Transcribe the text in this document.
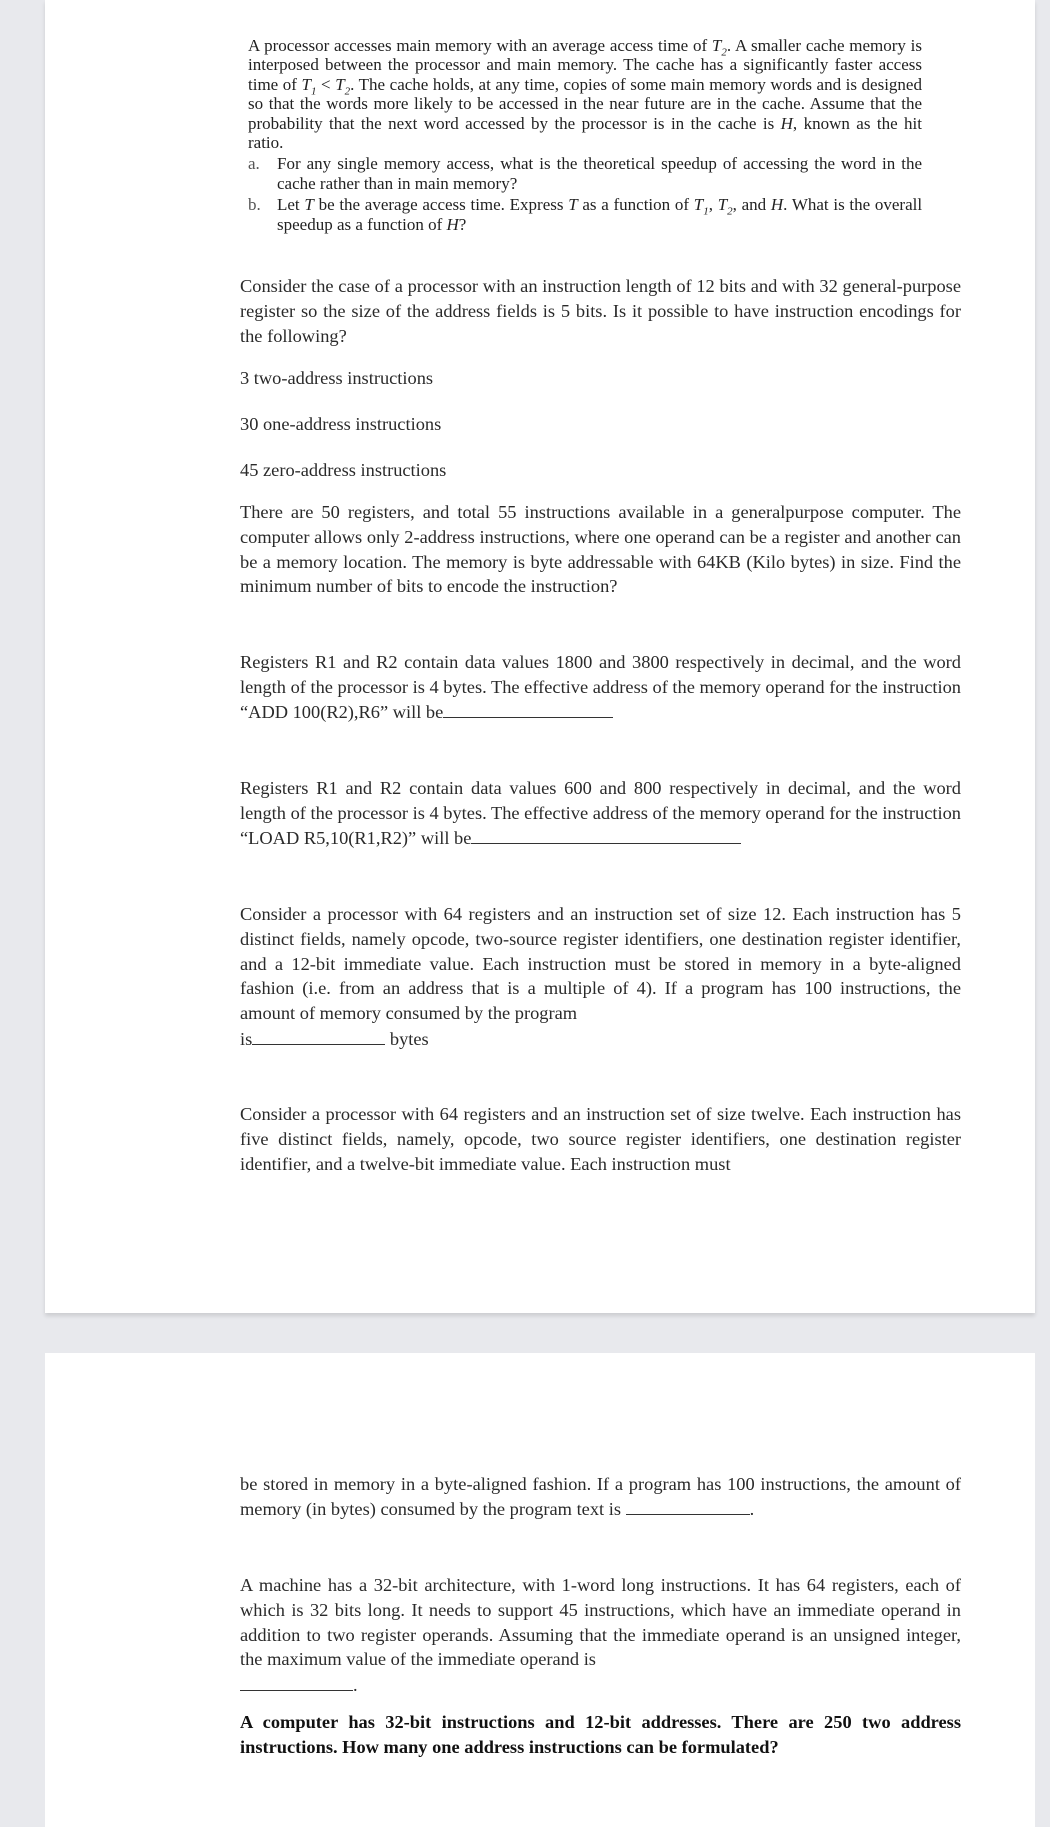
A processor accesses main memory with an average access time of $T_2$. A smaller cache memory is interposed between the processor and main memory. The cache has a significantly faster access time of $T_1 < T_2$. The cache holds, at any time, copies of some main memory words and is designed so that the words more likely to be accessed in the near future are in the cache. Assume that the probability that the next word accessed by the processor is in the cache is H, known as the hit ratio.

a. For any single memory access, what is the theoretical speedup of accessing the word in the cache rather than in main memory?

b. Let T be the average access time. Express T as a function of $T_1$, $T_2$, and H. What is the overall speedup as a function of H?

Consider the case of a processor with an instruction length of 12 bits and with 32 general-purpose register so the size of the address fields is 5 bits. Is it possible to have instruction encodings for the following?

3 two-address instructions

30 one-address instructions

45 zero-address instructions

There are 50 registers, and total 55 instructions available in a generalpurpose computer. The computer allows only 2-address instructions, where one operand can be a register and another can be a memory location. The memory is byte addressable with 64KB (Kilo bytes) in size. Find the minimum number of bits to encode the instruction?

Registers R1 and R2 contain data values 1800 and 3800 respectively in decimal, and the word length of the processor is 4 bytes. The effective address of the memory operand for the instruction “ADD 100(R2),R6” will be

Registers R1 and R2 contain data values 600 and 800 respectively in decimal, and the word length of the processor is 4 bytes. The effective address of the memory operand for the instruction “LOAD R5,10(R1,R2)” will be

Consider a processor with 64 registers and an instruction set of size 12. Each instruction has 5 distinct fields, namely opcode, two-source register identifiers, one destination register identifier, and a 12-bit immediate value. Each instruction must be stored in memory in a byte-aligned fashion (i.e. from an address that is a multiple of 4). If a program has 100 instructions, the amount of memory consumed by the program

is	bytes

Consider a processor with 64 registers and an instruction set of size twelve. Each instruction has five distinct fields, namely, opcode, two source register identifiers, one destination register identifier, and a twelve-bit immediate value. Each instruction must

be stored in memory in a byte-aligned fashion. If a program has 100 instructions, the amount of memory (in bytes) consumed by the program text is	.

A machine has a 32-bit architecture, with 1-word long instructions. It has 64 registers, each of which is 32 bits long. It needs to support 45 instructions, which have an immediate operand in addition to two register operands. Assuming that the immediate operand is an unsigned integer, the maximum value of the immediate operand is

.

A computer has 32-bit instructions and 12-bit addresses. There are 250 two address instructions. How many one address instructions can be formulated?
